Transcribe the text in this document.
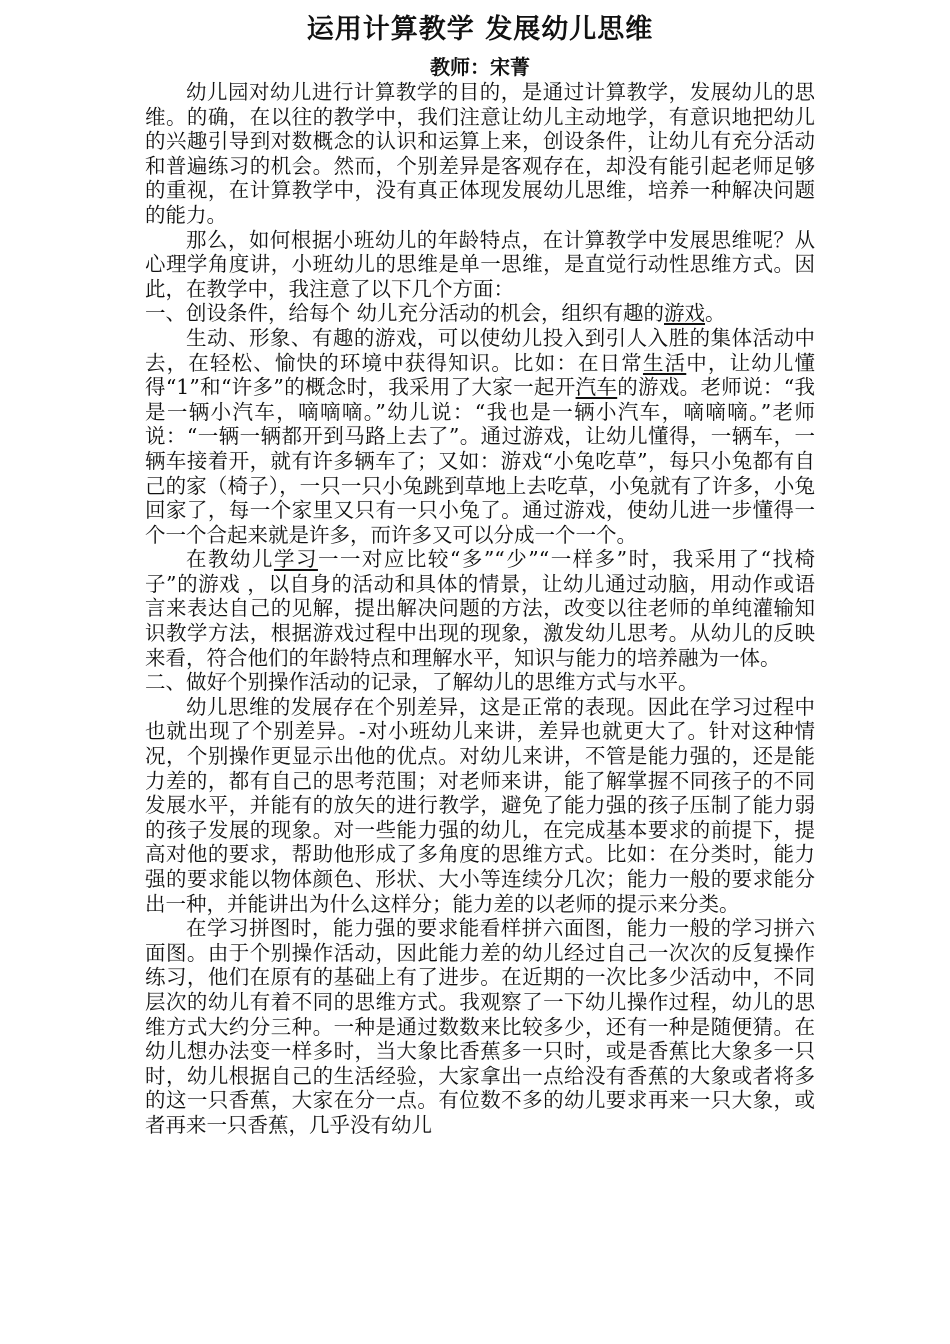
运用计算教学 发展幼儿思维
教师：宋菁

幼儿园对幼儿进行计算教学的目的，是通过计算教学，发展幼儿的思维。的确，在以往的教学中，我们注意让幼儿主动地学，有意识地把幼儿的兴趣引导到对数概念的认识和运算上来，创设条件，让幼儿有充分活动和普遍练习的机会。然而，个别差异是客观存在，却没有能引起老师足够的重视，在计算教学中，没有真正体现发展幼儿思维，培养一种解决问题的能力。

那么，如何根据小班幼儿的年龄特点，在计算教学中发展思维呢？从心理学角度讲，小班幼儿的思维是单一思维，是直觉行动性思维方式。因此，在教学中，我注意了以下几个方面：

一、创设条件，给每个 幼儿充分活动的机会，组织有趣的游戏。

生动、形象、有趣的游戏，可以使幼儿投入到引人入胜的集体活动中去，在轻松、愉快的环境中获得知识。比如：在日常生活中，让幼儿懂得“1”和“许多”的概念时，我采用了大家一起开汽车的游戏。老师说：“我是一辆小汽车，嘀嘀嘀。”幼儿说：“我也是一辆小汽车，嘀嘀嘀。”老师说：“一辆一辆都开到马路上去了”。通过游戏，让幼儿懂得，一辆车，一辆车接着开，就有许多辆车了；又如：游戏“小兔吃草”，每只小兔都有自己的家（椅子），一只一只小兔跳到草地上去吃草，小兔就有了许多，小兔回家了，每一个家里又只有一只小兔了。通过游戏，使幼儿进一步懂得一个一个合起来就是许多，而许多又可以分成一个一个。

在教幼儿学习一一对应比较“多”“少”“一样多”时，我采用了“找椅子”的游戏 ，以自身的活动和具体的情景，让幼儿通过动脑，用动作或语言来表达自己的见解，提出解决问题的方法，改变以往老师的单纯灌输知识教学方法，根据游戏过程中出现的现象，激发幼儿思考。从幼儿的反映来看，符合他们的年龄特点和理解水平，知识与能力的培养融为一体。

二、做好个别操作活动的记录，了解幼儿的思维方式与水平。

幼儿思维的发展存在个别差异，这是正常的表现。因此在学习过程中也就出现了个别差异。-对小班幼儿来讲，差异也就更大了。针对这种情况，个别操作更显示出他的优点。对幼儿来讲，不管是能力强的，还是能力差的，都有自己的思考范围；对老师来讲，能了解掌握不同孩子的不同发展水平，并能有的放矢的进行教学，避免了能力强的孩子压制了能力弱的孩子发展的现象。对一些能力强的幼儿，在完成基本要求的前提下，提高对他的要求，帮助他形成了多角度的思维方式。比如：在分类时，能力强的要求能以物体颜色、形状、大小等连续分几次；能力一般的要求能分出一种，并能讲出为什么这样分；能力差的以老师的提示来分类。

在学习拼图时，能力强的要求能看样拼六面图，能力一般的学习拼六面图。由于个别操作活动，因此能力差的幼儿经过自己一次次的反复操作练习，他们在原有的基础上有了进步。在近期的一次比多少活动中，不同层次的幼儿有着不同的思维方式。我观察了一下幼儿操作过程，幼儿的思维方式大约分三种。一种是通过数数来比较多少，还有一种是随便猜。在幼儿想办法变一样多时，当大象比香蕉多一只时，或是香蕉比大象多一只时，幼儿根据自己的生活经验，大家拿出一点给没有香蕉的大象或者将多的这一只香蕉，大家在分一点。有位数不多的幼儿要求再来一只大象，或者再来一只香蕉，几乎没有幼儿
